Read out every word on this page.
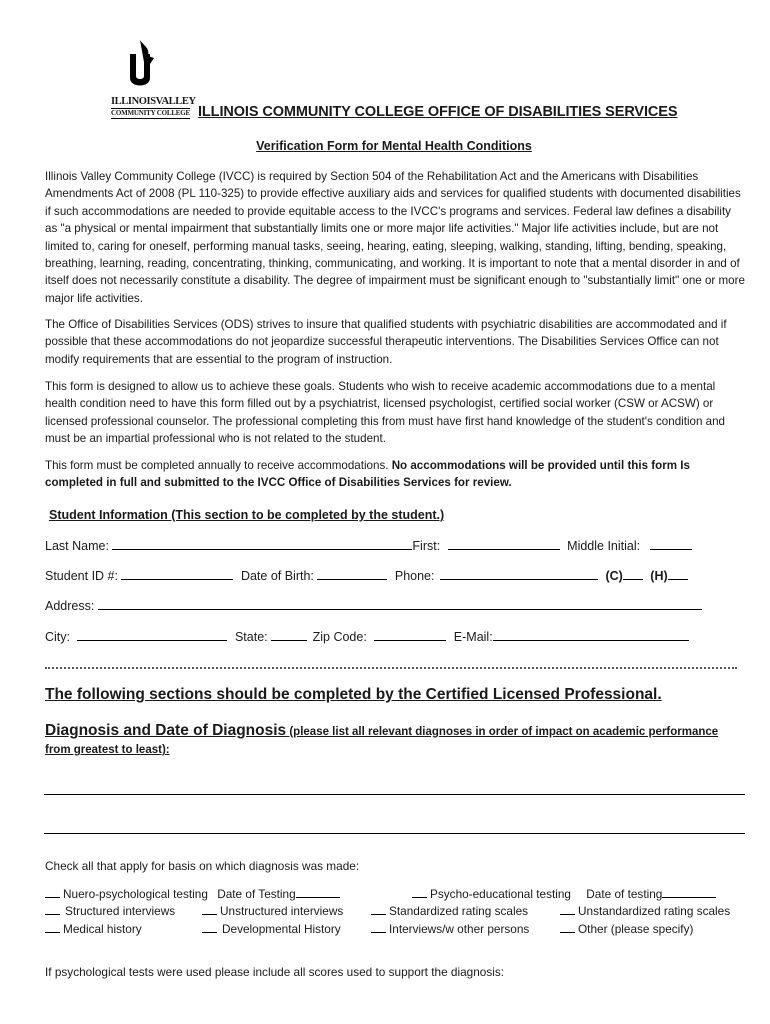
ILLINOISVALLEY
COMMUNITY COLLEGE ILLINOIS COMMUNITY COLLEGE OFFICE OF DISABILITIES SERVICES
Verification Form for Mental Health Conditions
Illinois Valley Community College (IVCC) is required by Section 504 of the Rehabilitation Act and the Americans with Disabilities Amendments Act of 2008 (PL 110-325) to provide effective auxiliary aids and services for qualified students with documented disabilities if such accommodations are needed to provide equitable access to the IVCC's programs and services. Federal law defines a disability as "a physical or mental impairment that substantially limits one or more major life activities." Major life activities include, but are not limited to, caring for oneself, performing manual tasks, seeing, hearing, eating, sleeping, walking, standing, lifting, bending, speaking, breathing, learning, reading, concentrating, thinking, communicating, and working. It is important to note that a mental disorder in and of itself does not necessarily constitute a disability. The degree of impairment must be significant enough to "substantially limit" one or more major life activities.
The Office of Disabilities Services (ODS) strives to insure that qualified students with psychiatric disabilities are accommodated and if possible that these accommodations do not jeopardize successful therapeutic interventions. The Disabilities Services Office can not modify requirements that are essential to the program of instruction.
This form is designed to allow us to achieve these goals. Students who wish to receive academic accommodations due to a mental health condition need to have this form filled out by a psychiatrist, licensed psychologist, certified social worker (CSW or ACSW) or licensed professional counselor. The professional completing this from must have first hand knowledge of the student's condition and must be an impartial professional who is not related to the student.
This form must be completed annually to receive accommodations. No accommodations will be provided until this form Is completed in full and submitted to the IVCC Office of Disabilities Services for review.
Student Information (This section to be completed by the student.)
Last Name:	First:	Middle Initial:
Student ID #:	Date of Birth:	Phone:	(C) (H)
Address:
City:	State:	Zip Code:	E-Mail:
The following sections should be completed by the Certified Licensed Professional.
Diagnosis and Date of Diagnosis (please list all relevant diagnoses in order of impact on academic performance
from greatest to least):
Check all that apply for basis on which diagnosis was made:
Nuero-psychological testing Date of Testing	Psycho-educational testing Date of testing
Structured interviews	Unstructured interviews	Standardized rating scales	Unstandardized rating scales
Medical history	Developmental History	Interviews/w other persons	Other (please specify)
If psychological tests were used please include all scores used to support the diagnosis:
